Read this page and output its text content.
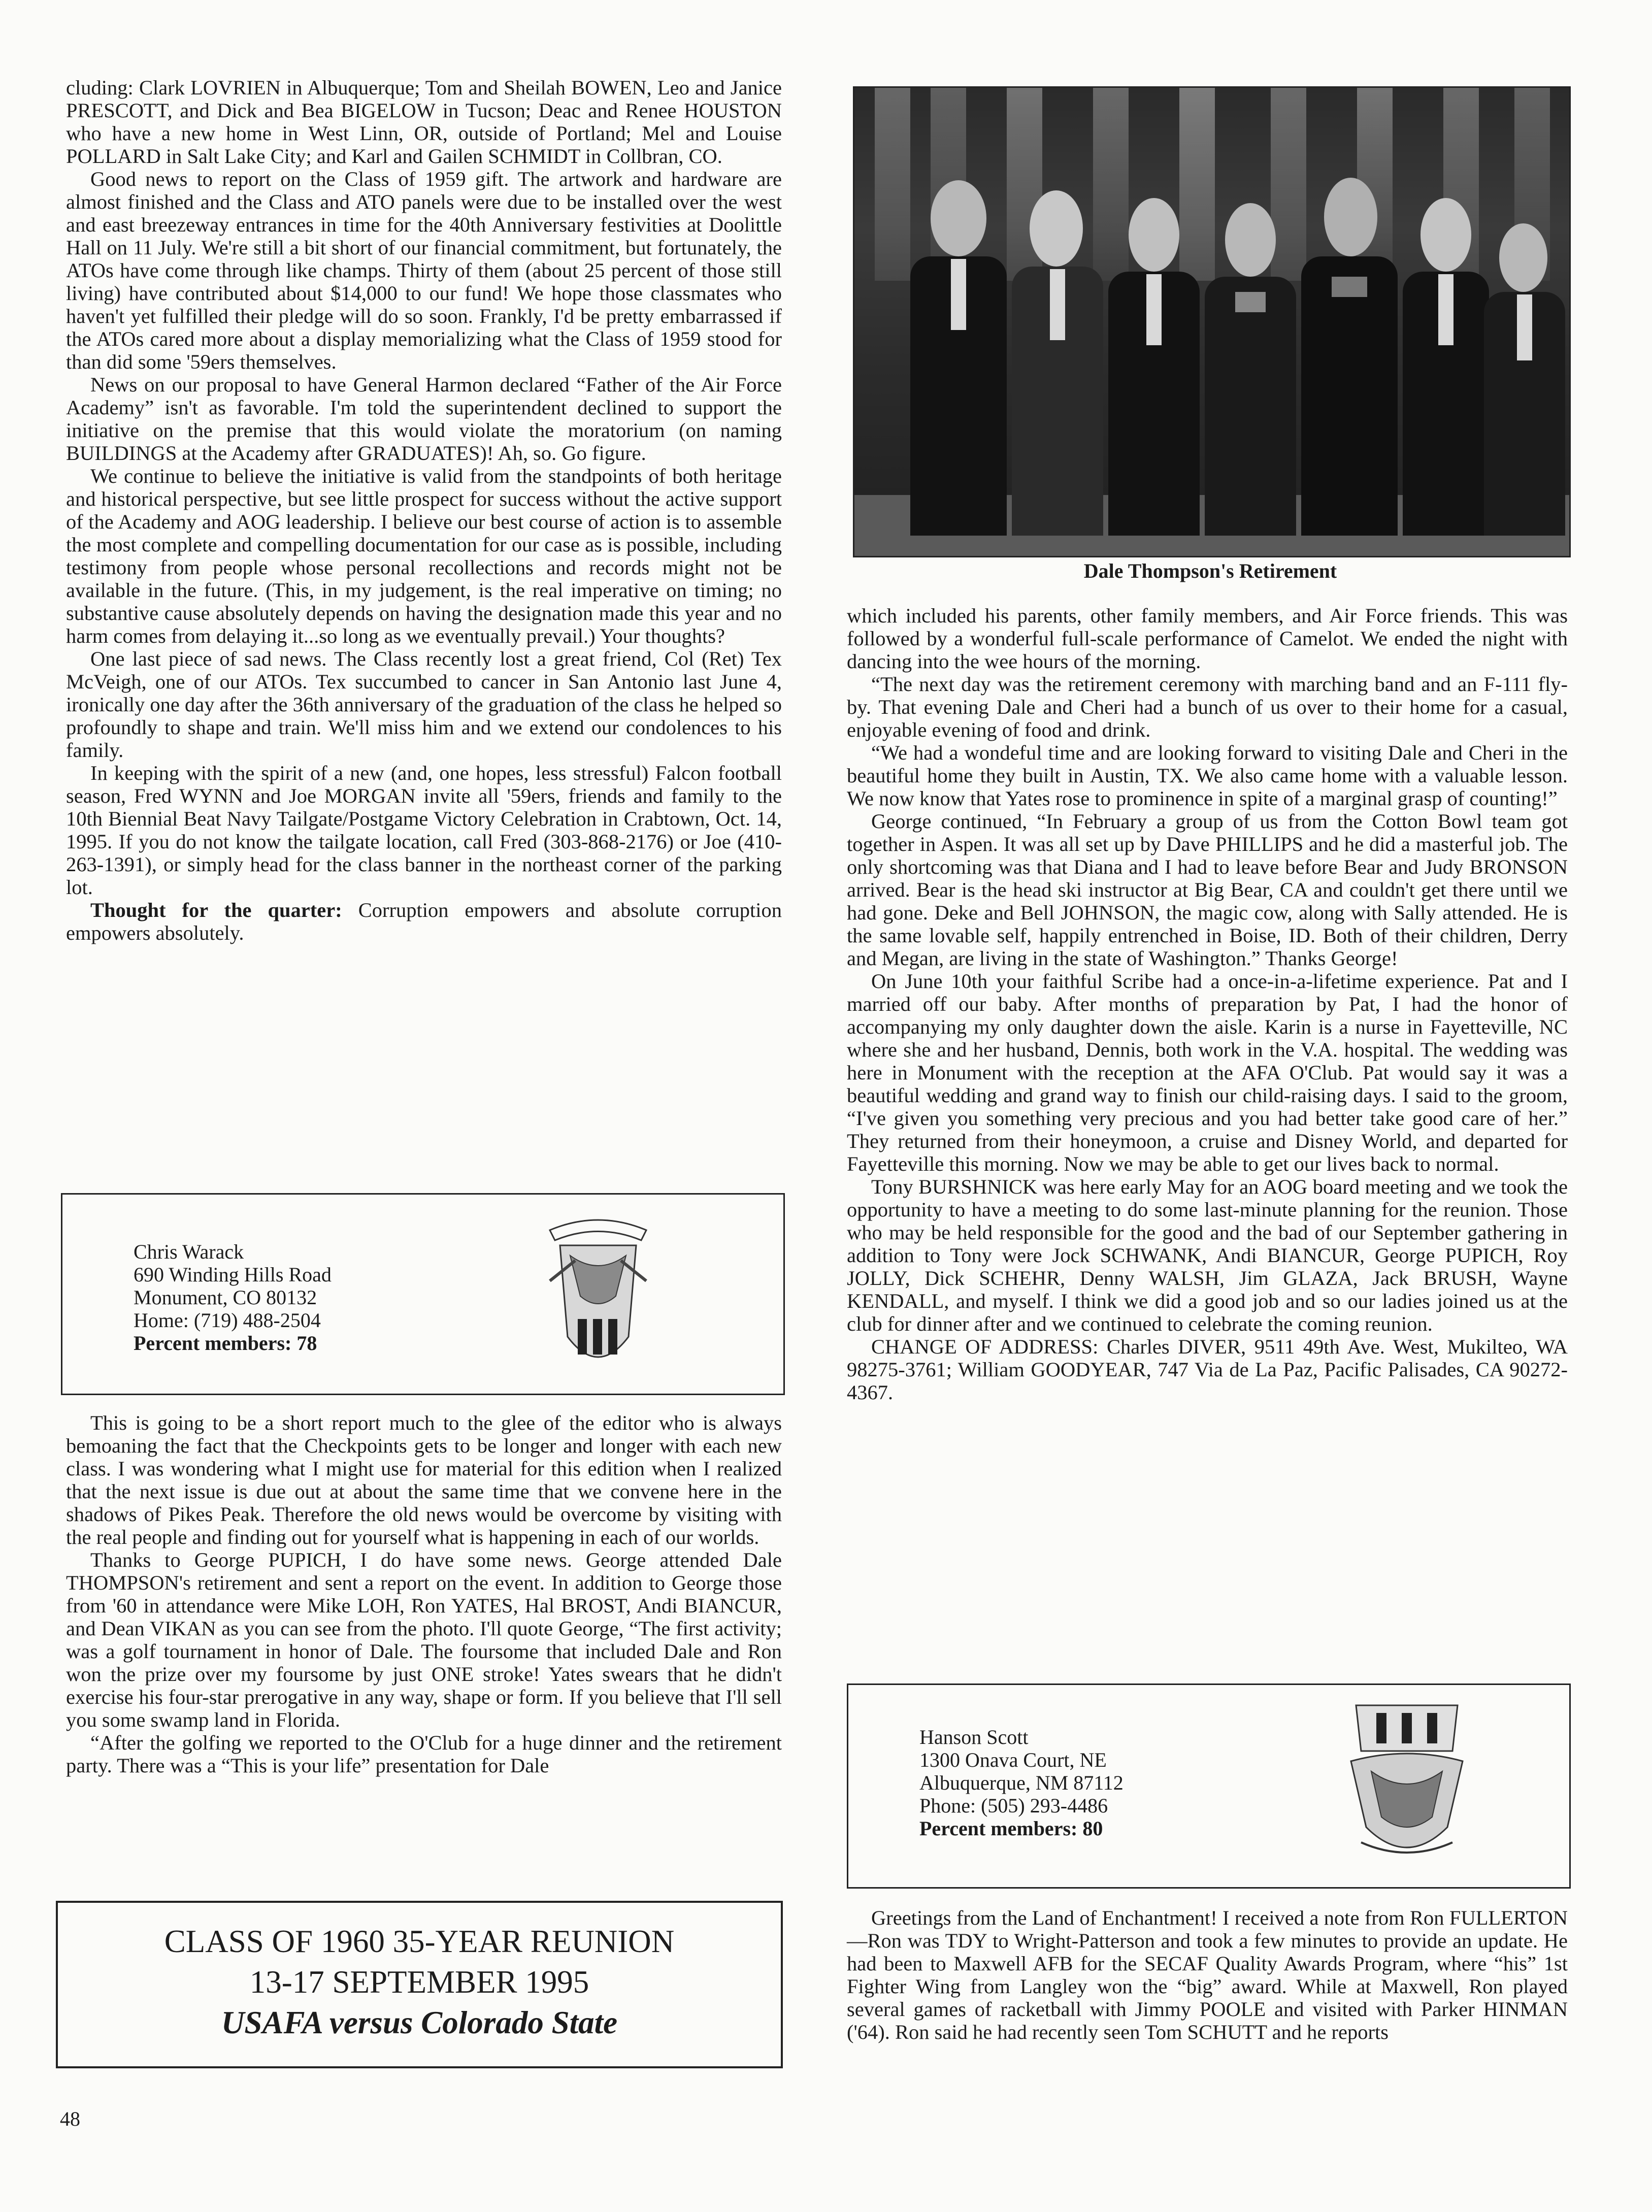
cluding: Clark LOVRIEN in Albuquerque; Tom and Sheilah BOWEN, Leo and Janice PRESCOTT, and Dick and Bea BIGELOW in Tucson; Deac and Renee HOUSTON who have a new home in West Linn, OR, outside of Portland; Mel and Louise POLLARD in Salt Lake City; and Karl and Gailen SCHMIDT in Collbran, CO.

Good news to report on the Class of 1959 gift. The artwork and hardware are almost finished and the Class and ATO panels were due to be installed over the west and east breezeway entrances in time for the 40th Anniversary festivities at Doolittle Hall on 11 July. We're still a bit short of our financial commitment, but fortunately, the ATOs have come through like champs. Thirty of them (about 25 percent of those still living) have contributed about $14,000 to our fund! We hope those classmates who haven't yet fulfilled their pledge will do so soon. Frankly, I'd be pretty embarrassed if the ATOs cared more about a display memorializing what the Class of 1959 stood for than did some '59ers themselves.

News on our proposal to have General Harmon declared “Father of the Air Force Academy” isn't as favorable. I'm told the superintendent declined to support the initiative on the premise that this would violate the moratorium (on naming BUILDINGS at the Academy after GRADUATES)! Ah, so. Go figure.

We continue to believe the initiative is valid from the standpoints of both heritage and historical perspective, but see little prospect for success without the active support of the Academy and AOG leadership. I believe our best course of action is to assemble the most complete and compelling documentation for our case as is possible, including testimony from people whose personal recollections and records might not be available in the future. (This, in my judgement, is the real imperative on timing; no substantive cause absolutely depends on having the designation made this year and no harm comes from delaying it...so long as we eventually prevail.) Your thoughts?

One last piece of sad news. The Class recently lost a great friend, Col (Ret) Tex McVeigh, one of our ATOs. Tex succumbed to cancer in San Antonio last June 4, ironically one day after the 36th anniversary of the graduation of the class he helped so profoundly to shape and train. We'll miss him and we extend our condolences to his family.

In keeping with the spirit of a new (and, one hopes, less stressful) Falcon football season, Fred WYNN and Joe MORGAN invite all '59ers, friends and family to the 10th Biennial Beat Navy Tailgate/Postgame Victory Celebration in Crabtown, Oct. 14, 1995. If you do not know the tailgate location, call Fred (303-868-2176) or Joe (410-263-1391), or simply head for the class banner in the northeast corner of the parking lot.

Thought for the quarter: Corruption empowers and absolute corruption empowers absolutely.

Chris Warack
690 Winding Hills Road
Monument, CO 80132
Home: (719) 488-2504
Percent members: 78

This is going to be a short report much to the glee of the editor who is always bemoaning the fact that the Checkpoints gets to be longer and longer with each new class. I was wondering what I might use for material for this edition when I realized that the next issue is due out at about the same time that we convene here in the shadows of Pikes Peak. Therefore the old news would be overcome by visiting with the real people and finding out for yourself what is happening in each of our worlds.

Thanks to George PUPICH, I do have some news. George attended Dale THOMPSON's retirement and sent a report on the event. In addition to George those from '60 in attendance were Mike LOH, Ron YATES, Hal BROST, Andi BIANCUR, and Dean VIKAN as you can see from the photo. I'll quote George, “The first activity; was a golf tournament in honor of Dale. The foursome that included Dale and Ron won the prize over my foursome by just ONE stroke! Yates swears that he didn't exercise his four-star prerogative in any way, shape or form. If you believe that I'll sell you some swamp land in Florida.

“After the golfing we reported to the O'Club for a huge dinner and the retirement party. There was a “This is your life” presentation for Dale

CLASS OF 1960 35-YEAR REUNION
13-17 SEPTEMBER 1995
USAFA versus Colorado State
Dale Thompson's Retirement

which included his parents, other family members, and Air Force friends. This was followed by a wonderful full-scale performance of Camelot. We ended the night with dancing into the wee hours of the morning.

“The next day was the retirement ceremony with marching band and an F-111 fly-by. That evening Dale and Cheri had a bunch of us over to their home for a casual, enjoyable evening of food and drink.

“We had a wondeful time and are looking forward to visiting Dale and Cheri in the beautiful home they built in Austin, TX. We also came home with a valuable lesson. We now know that Yates rose to prominence in spite of a marginal grasp of counting!”

George continued, “In February a group of us from the Cotton Bowl team got together in Aspen. It was all set up by Dave PHILLIPS and he did a masterful job. The only shortcoming was that Diana and I had to leave before Bear and Judy BRONSON arrived. Bear is the head ski instructor at Big Bear, CA and couldn't get there until we had gone. Deke and Bell JOHNSON, the magic cow, along with Sally attended. He is the same lovable self, happily entrenched in Boise, ID. Both of their children, Derry and Megan, are living in the state of Washington.” Thanks George!

On June 10th your faithful Scribe had a once-in-a-lifetime experience. Pat and I married off our baby. After months of preparation by Pat, I had the honor of accompanying my only daughter down the aisle. Karin is a nurse in Fayetteville, NC where she and her husband, Dennis, both work in the V.A. hospital. The wedding was here in Monument with the reception at the AFA O'Club. Pat would say it was a beautiful wedding and grand way to finish our child-raising days. I said to the groom, “I've given you something very precious and you had better take good care of her.” They returned from their honeymoon, a cruise and Disney World, and departed for Fayetteville this morning. Now we may be able to get our lives back to normal.

Tony BURSHNICK was here early May for an AOG board meeting and we took the opportunity to have a meeting to do some last-minute planning for the reunion. Those who may be held responsible for the good and the bad of our September gathering in addition to Tony were Jock SCHWANK, Andi BIANCUR, George PUPICH, Roy JOLLY, Dick SCHEHR, Denny WALSH, Jim GLAZA, Jack BRUSH, Wayne KENDALL, and myself. I think we did a good job and so our ladies joined us at the club for dinner after and we continued to celebrate the coming reunion.

CHANGE OF ADDRESS: Charles DIVER, 9511 49th Ave. West, Mukilteo, WA 98275-3761; William GOODYEAR, 747 Via de La Paz, Pacific Palisades, CA 90272-4367.

Hanson Scott
1300 Onava Court, NE
Albuquerque, NM 87112
Phone: (505) 293-4486
Percent members: 80

Greetings from the Land of Enchantment! I received a note from Ron FULLERTON—Ron was TDY to Wright-Patterson and took a few minutes to provide an update. He had been to Maxwell AFB for the SECAF Quality Awards Program, where “his” 1st Fighter Wing from Langley won the “big” award. While at Maxwell, Ron played several games of racketball with Jimmy POOLE and visited with Parker HINMAN ('64). Ron said he had recently seen Tom SCHUTT and he reports

48
